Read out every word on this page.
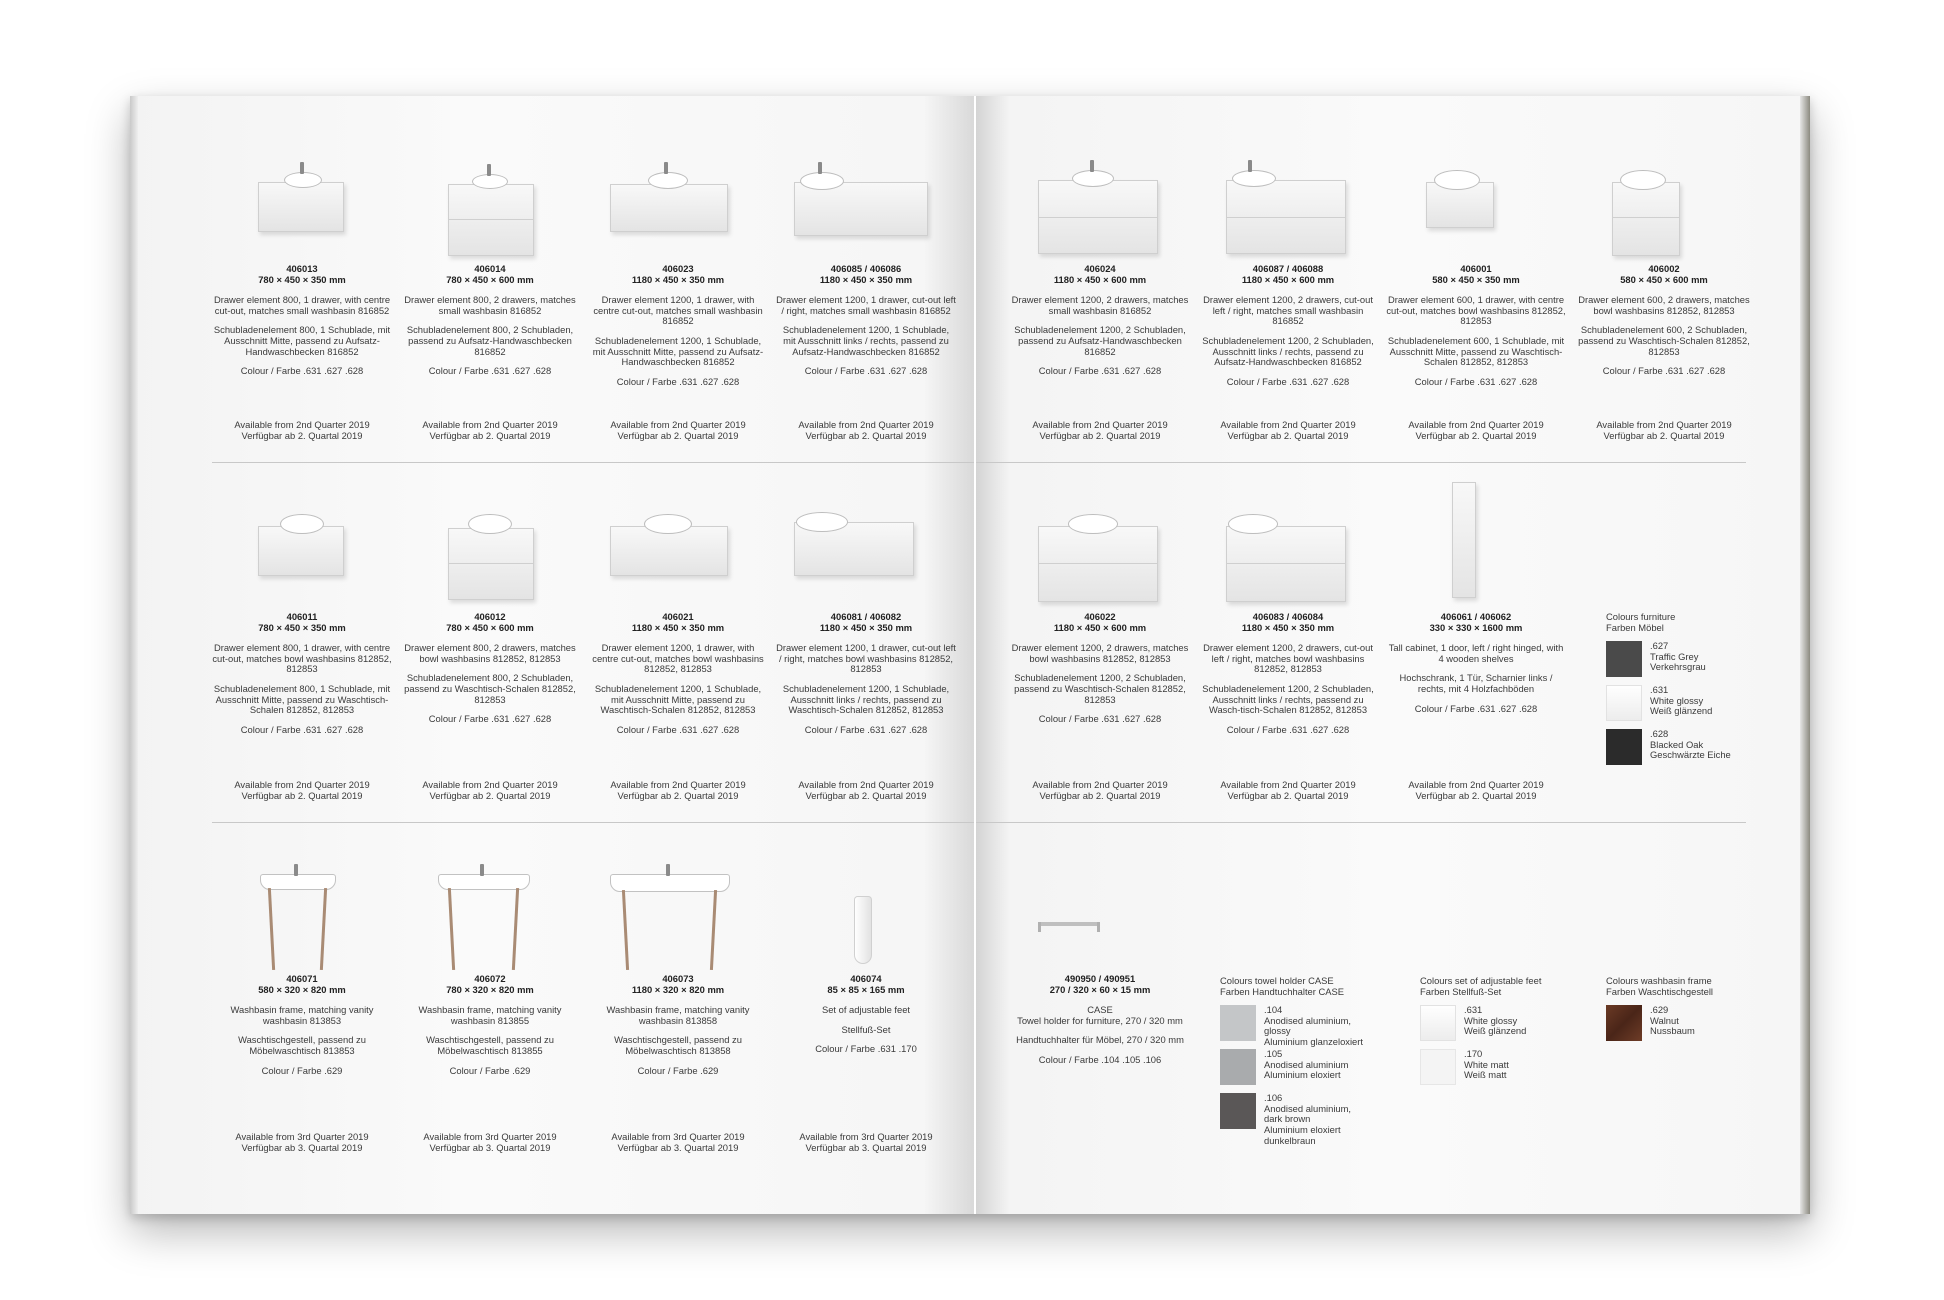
406013
780 × 450 × 350 mm

Drawer element 800, 1 drawer, with centre cut-out, matches small washbasin 816852

Schubladenelement 800, 1 Schublade, mit Ausschnitt Mitte, passend zu Aufsatz-Handwaschbecken 816852

Colour / Farbe .631 .627 .628

Available from 2nd Quarter 2019
Verfügbar ab 2. Quartal 2019
406014
780 × 450 × 600 mm

Drawer element 800, 2 drawers, matches small washbasin 816852

Schubladenelement 800, 2 Schubladen, passend zu Aufsatz-Handwaschbecken 816852

Colour / Farbe .631 .627 .628

Available from 2nd Quarter 2019
Verfügbar ab 2. Quartal 2019
406023
1180 × 450 × 350 mm

Drawer element 1200, 1 drawer, with centre cut-out, matches small washbasin 816852

Schubladenelement 1200, 1 Schublade, mit Ausschnitt Mitte, passend zu Aufsatz-Handwaschbecken 816852

Colour / Farbe .631 .627 .628

Available from 2nd Quarter 2019
Verfügbar ab 2. Quartal 2019
406085 / 406086
1180 × 450 × 350 mm

Drawer element 1200, 1 drawer, cut-out left / right, matches small washbasin 816852

Schubladenelement 1200, 1 Schublade, mit Ausschnitt links / rechts, passend zu Aufsatz-Handwaschbecken 816852

Colour / Farbe .631 .627 .628

Available from 2nd Quarter 2019
Verfügbar ab 2. Quartal 2019
406011
780 × 450 × 350 mm

Drawer element 800, 1 drawer, with centre cut-out, matches bowl washbasins 812852, 812853

Schubladenelement 800, 1 Schublade, mit Ausschnitt Mitte, passend zu Waschtisch-Schalen 812852, 812853

Colour / Farbe .631 .627 .628

Available from 2nd Quarter 2019
Verfügbar ab 2. Quartal 2019
406012
780 × 450 × 600 mm

Drawer element 800, 2 drawers, matches bowl washbasins 812852, 812853

Schubladenelement 800, 2 Schubladen, passend zu Waschtisch-Schalen 812852, 812853

Colour / Farbe .631 .627 .628

Available from 2nd Quarter 2019
Verfügbar ab 2. Quartal 2019
406021
1180 × 450 × 350 mm

Drawer element 1200, 1 drawer, with centre cut-out, matches bowl washbasins 812852, 812853

Schubladenelement 1200, 1 Schublade, mit Ausschnitt Mitte, passend zu Waschtisch-Schalen 812852, 812853

Colour / Farbe .631 .627 .628

Available from 2nd Quarter 2019
Verfügbar ab 2. Quartal 2019
406081 / 406082
1180 × 450 × 350 mm

Drawer element 1200, 1 drawer, cut-out left / right, matches bowl washbasins 812852, 812853

Schubladenelement 1200, 1 Schublade, Ausschnitt links / rechts, passend zu Waschtisch-Schalen 812852, 812853

Colour / Farbe .631 .627 .628

Available from 2nd Quarter 2019
Verfügbar ab 2. Quartal 2019
406071
580 × 320 × 820 mm

Washbasin frame, matching vanity washbasin 813853

Waschtischgestell, passend zu Möbelwaschtisch 813853

Colour / Farbe .629

Available from 3rd Quarter 2019
Verfügbar ab 3. Quartal 2019
406072
780 × 320 × 820 mm

Washbasin frame, matching vanity washbasin 813855

Waschtischgestell, passend zu Möbelwaschtisch 813855

Colour / Farbe .629

Available from 3rd Quarter 2019
Verfügbar ab 3. Quartal 2019
406073
1180 × 320 × 820 mm

Washbasin frame, matching vanity washbasin 813858

Waschtischgestell, passend zu Möbelwaschtisch 813858

Colour / Farbe .629

Available from 3rd Quarter 2019
Verfügbar ab 3. Quartal 2019
406074
85 × 85 × 165 mm

Set of adjustable feet

Stellfuß-Set

Colour / Farbe .631 .170

Available from 3rd Quarter 2019
Verfügbar ab 3. Quartal 2019
406024
1180 × 450 × 600 mm

Drawer element 1200, 2 drawers, matches small washbasin 816852

Schubladenelement 1200, 2 Schubladen, passend zu Aufsatz-Handwaschbecken 816852

Colour / Farbe .631 .627 .628

Available from 2nd Quarter 2019
Verfügbar ab 2. Quartal 2019
406087 / 406088
1180 × 450 × 600 mm

Drawer element 1200, 2 drawers, cut-out left / right, matches small washbasin 816852

Schubladenelement 1200, 2 Schubladen, Ausschnitt links / rechts, passend zu Aufsatz-Handwaschbecken 816852

Colour / Farbe .631 .627 .628

Available from 2nd Quarter 2019
Verfügbar ab 2. Quartal 2019
406001
580 × 450 × 350 mm

Drawer element 600, 1 drawer, with centre cut-out, matches bowl washbasins 812852, 812853

Schubladenelement 600, 1 Schublade, mit Ausschnitt Mitte, passend zu Waschtisch-Schalen 812852, 812853

Colour / Farbe .631 .627 .628

Available from 2nd Quarter 2019
Verfügbar ab 2. Quartal 2019
406002
580 × 450 × 600 mm

Drawer element 600, 2 drawers, matches bowl washbasins 812852, 812853

Schubladenelement 600, 2 Schubladen, passend zu Waschtisch-Schalen 812852, 812853

Colour / Farbe .631 .627 .628

Available from 2nd Quarter 2019
Verfügbar ab 2. Quartal 2019
406022
1180 × 450 × 600 mm

Drawer element 1200, 2 drawers, matches bowl washbasins 812852, 812853

Schubladenelement 1200, 2 Schubladen, passend zu Waschtisch-Schalen 812852, 812853

Colour / Farbe .631 .627 .628

Available from 2nd Quarter 2019
Verfügbar ab 2. Quartal 2019
406083 / 406084
1180 × 450 × 350 mm

Drawer element 1200, 2 drawers, cut-out left / right, matches bowl washbasins 812852, 812853

Schubladenelement 1200, 2 Schubladen, Ausschnitt links / rechts, passend zu Wasch-tisch-Schalen 812852, 812853

Colour / Farbe .631 .627 .628

Available from 2nd Quarter 2019
Verfügbar ab 2. Quartal 2019
406061 / 406062
330 × 330 × 1600 mm

Tall cabinet, 1 door, left / right hinged, with 4 wooden shelves

Hochschrank, 1 Tür, Scharnier links / rechts, mit 4 Holzfachböden

Colour / Farbe .631 .627 .628

Available from 2nd Quarter 2019
Verfügbar ab 2. Quartal 2019
Colours furniture
Farben Möbel
.627
Traffic Grey
Verkehrsgrau
.631
White glossy
Weiß glänzend
.628
Blacked Oak
Geschwärzte Eiche
490950 / 490951
270 / 320 × 60 × 15 mm

CASE

Towel holder for furniture, 270 / 320 mm

Handtuchhalter für Möbel, 270 / 320 mm

Colour / Farbe .104 .105 .106

Colours towel holder CASE
Farben Handtuchhalter CASE
.104
Anodised aluminium, glossy
Aluminium glanzeloxiert
.105
Anodised aluminium
Aluminium eloxiert
.106
Anodised aluminium, dark brown
Aluminium eloxiert dunkelbraun
Colours set of adjustable feet
Farben Stellfuß-Set
.631
White glossy
Weiß glänzend
.170
White matt
Weiß matt
Colours washbasin frame
Farben Waschtischgestell
.629
Walnut
Nussbaum
